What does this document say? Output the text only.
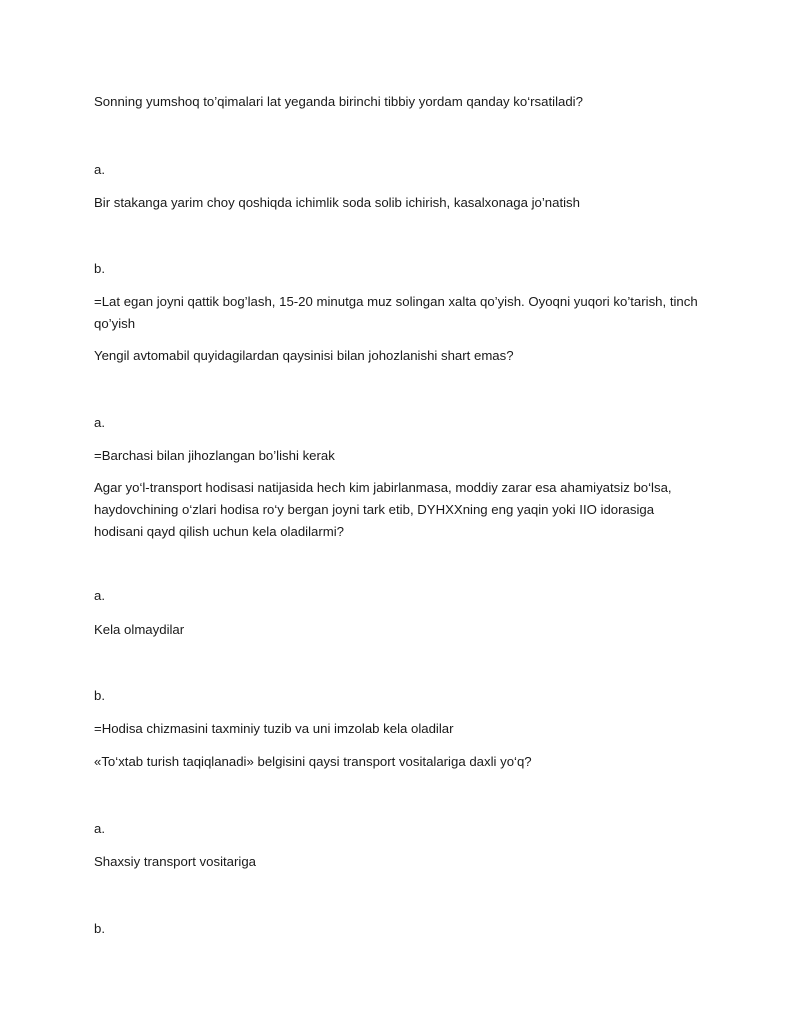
Sonning yumshoq to’qimalari lat yeganda birinchi tibbiy yordam qanday ko‘rsatiladi?

a.

Bir stakanga yarim choy qoshiqda ichimlik soda solib ichirish, kasalxonaga jo’natish

b.

=Lat egan joyni qattik bog’lash, 15-20 minutga muz solingan xalta qo’yish. Oyoqni yuqori ko’tarish, tinch qo’yish

Yengil avtomabil quyidagilardan qaysinisi bilan johozlanishi shart emas?

a.

=Barchasi bilan jihozlangan bo’lishi kerak

Agar yo‘l-transport hodisasi natijasida hech kim jabirlanmasa, moddiy zarar esa ahamiyatsiz bo‘lsa, haydovchining o‘zlari hodisa ro‘y bergan joyni tark etib, DYHXXning eng yaqin yoki IIO idorasiga hodisani qayd qilish uchun kela oladilarmi?

a.

Kela olmaydilar

b.

=Hodisa chizmasini taxminiy tuzib va uni imzolab kela oladilar

«To‘xtab turish taqiqlanadi» belgisini qaysi transport vositalariga daxli yo‘q?

a.

Shaxsiy transport vositariga

b.
